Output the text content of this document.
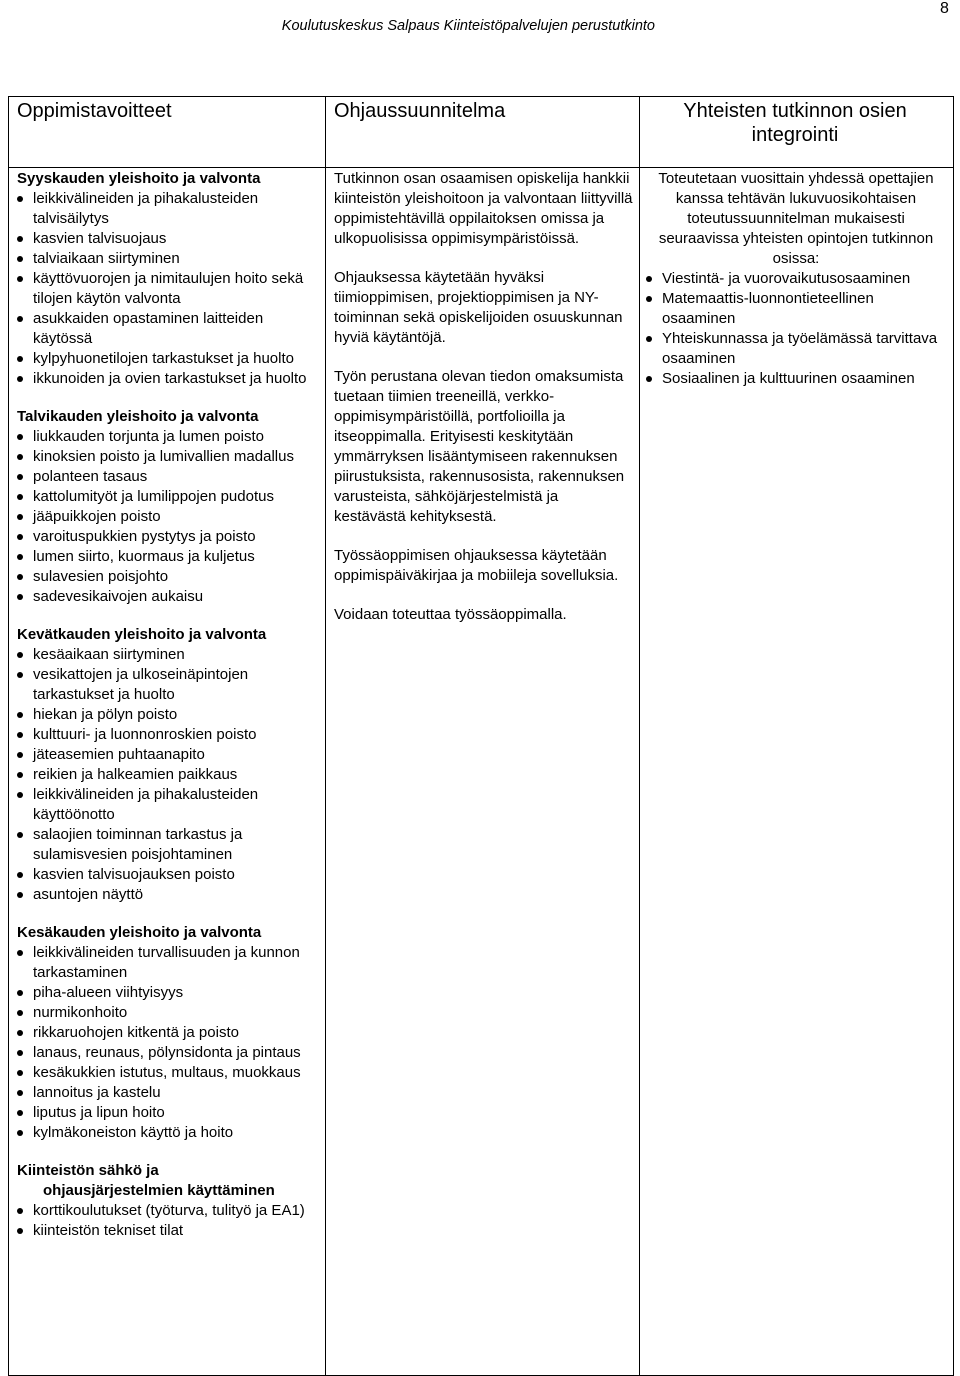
Koulutuskeskus Salpaus Kiinteistöpalvelujen perustutkinto
8
Oppimistavoitteet	Ohjaussuunnitelma	Yhteisten tutkinnon osien integrointi
Syyskauden yleishoito ja valvonta
leikkivälineiden ja pihakalusteiden talvisäilytys
kasvien talvisuojaus
talviaikaan siirtyminen
käyttövuorojen ja nimitaulujen hoito sekä tilojen käytön valvonta
asukkaiden opastaminen laitteiden käytössä
kylpyhuonetilojen tarkastukset ja huolto
ikkunoiden ja ovien tarkastukset ja huolto
Talvikauden yleishoito ja valvonta
liukkauden torjunta ja lumen poisto
kinoksien poisto ja lumivallien madallus
polanteen tasaus
kattolumityöt ja lumilippojen pudotus
jääpuikkojen poisto
varoituspukkien pystytys ja poisto
lumen siirto, kuormaus ja kuljetus
sulavesien poisjohto
sadevesikaivojen aukaisu
Kevätkauden yleishoito ja valvonta
kesäaikaan siirtyminen
vesikattojen ja ulkoseinäpintojen tarkastukset ja huolto
hiekan ja pölyn poisto
kulttuuri- ja luonnonroskien poisto
jäteasemien puhtaanapito
reikien ja halkeamien paikkaus
leikkivälineiden ja pihakalusteiden käyttöönotto
salaojien toiminnan tarkastus ja sulamisvesien poisjohtaminen
kasvien talvisuojauksen poisto
asuntojen näyttö
Kesäkauden yleishoito ja valvonta
leikkivälineiden turvallisuuden ja kunnon tarkastaminen
piha-alueen viihtyisyys
nurmikonhoito
rikkaruohojen kitkentä ja poisto
lanaus, reunaus, pölynsidonta ja pintaus
kesäkukkien istutus, multaus, muokkaus
lannoitus ja kastelu
liputus ja lipun hoito
kylmäkoneiston käyttö ja hoito
Kiinteistön sähkö ja
ohjausjärjestelmien käyttäminen
korttikoulutukset (työturva, tulityö ja EA1)
kiinteistön tekniset tilat

Tutkinnon osan osaamisen opiskelija hankkii kiinteistön yleishoitoon ja valvontaan liittyvillä oppimistehtävillä oppilaitoksen omissa ja ulkopuolisissa oppimisympäristöissä.

Ohjauksessa käytetään hyväksi tiimioppimisen, projektioppimisen ja NY-toiminnan sekä opiskelijoiden osuuskunnan hyviä käytäntöjä.

Työn perustana olevan tiedon omaksumista tuetaan tiimien treeneillä, verkko-oppimisympäristöillä, portfolioilla ja itseoppimalla. Erityisesti keskitytään ymmärryksen lisääntymiseen rakennuksen piirustuksista, rakennusosista, rakennuksen varusteista, sähköjärjestelmistä ja kestävästä kehityksestä.

Työssäoppimisen ohjauksessa käytetään oppimispäiväkirjaa ja mobiileja sovelluksia.

Voidaan toteuttaa työssäoppimalla.

Toteutetaan vuosittain yhdessä opettajien kanssa tehtävän lukuvuosikohtaisen toteutussuunnitelman mukaisesti seuraavissa yhteisten opintojen tutkinnon osissa:

Viestintä- ja vuorovaikutusosaaminen
Matemaattis-luonnontieteellinen osaaminen
Yhteiskunnassa ja työelämässä tarvittava osaaminen
Sosiaalinen ja kulttuurinen osaaminen
